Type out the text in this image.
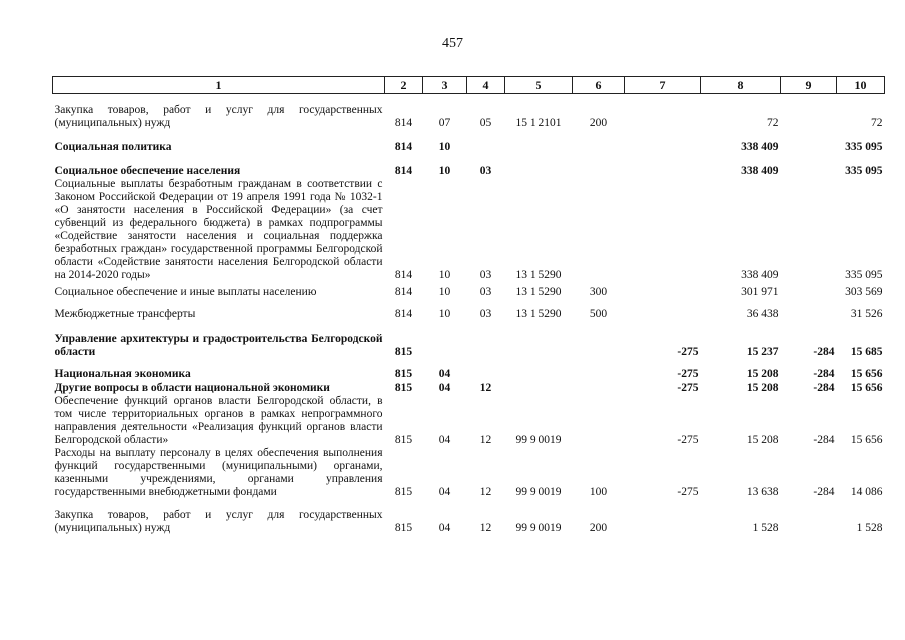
457
1	2	3	4	5	6	7	8	9	10
Закупка товаров, работ и услуг для государственных (муниципальных) нужд	814	07	05	15 1 2101	200		72		72
Социальная политика	814	10					338 409		335 095
Социальное обеспечение населения	814	10	03				338 409		335 095
Социальные выплаты безработным гражданам в соответствии с Законом Российской Федерации от 19 апреля 1991 года № 1032-1 «О занятости населения в Российской Федерации» (за счет субвенций из федерального бюджета) в рамках подпрограммы «Содействие занятости населения и социальная поддержка безработных граждан» государственной программы Белгородской области «Содействие занятости населения Белгородской области на 2014-2020 годы»	814	10	03	13 1 5290			338 409		335 095
Социальное обеспечение и иные выплаты населению	814	10	03	13 1 5290	300		301 971		303 569
Межбюджетные трансферты	814	10	03	13 1 5290	500		36 438		31 526
Управление архитектуры и градостроительства Белгородской области	815					-275	15 237	-284	15 685
Национальная экономика	815	04				-275	15 208	-284	15 656
Другие вопросы в области национальной экономики	815	04	12			-275	15 208	-284	15 656
Обеспечение функций органов власти Белгородской области, в том числе территориальных органов в рамках непрограммного направления деятельности «Реализация функций органов власти Белгородской области»	815	04	12	99 9 0019		-275	15 208	-284	15 656
Расходы на выплату персоналу в целях обеспечения выполнения функций государственными (муниципальными) органами, казенными учреждениями, органами управления государственными внебюджетными фондами	815	04	12	99 9 0019	100	-275	13 638	-284	14 086
Закупка товаров, работ и услуг для государственных (муниципальных) нужд	815	04	12	99 9 0019	200		1 528		1 528
